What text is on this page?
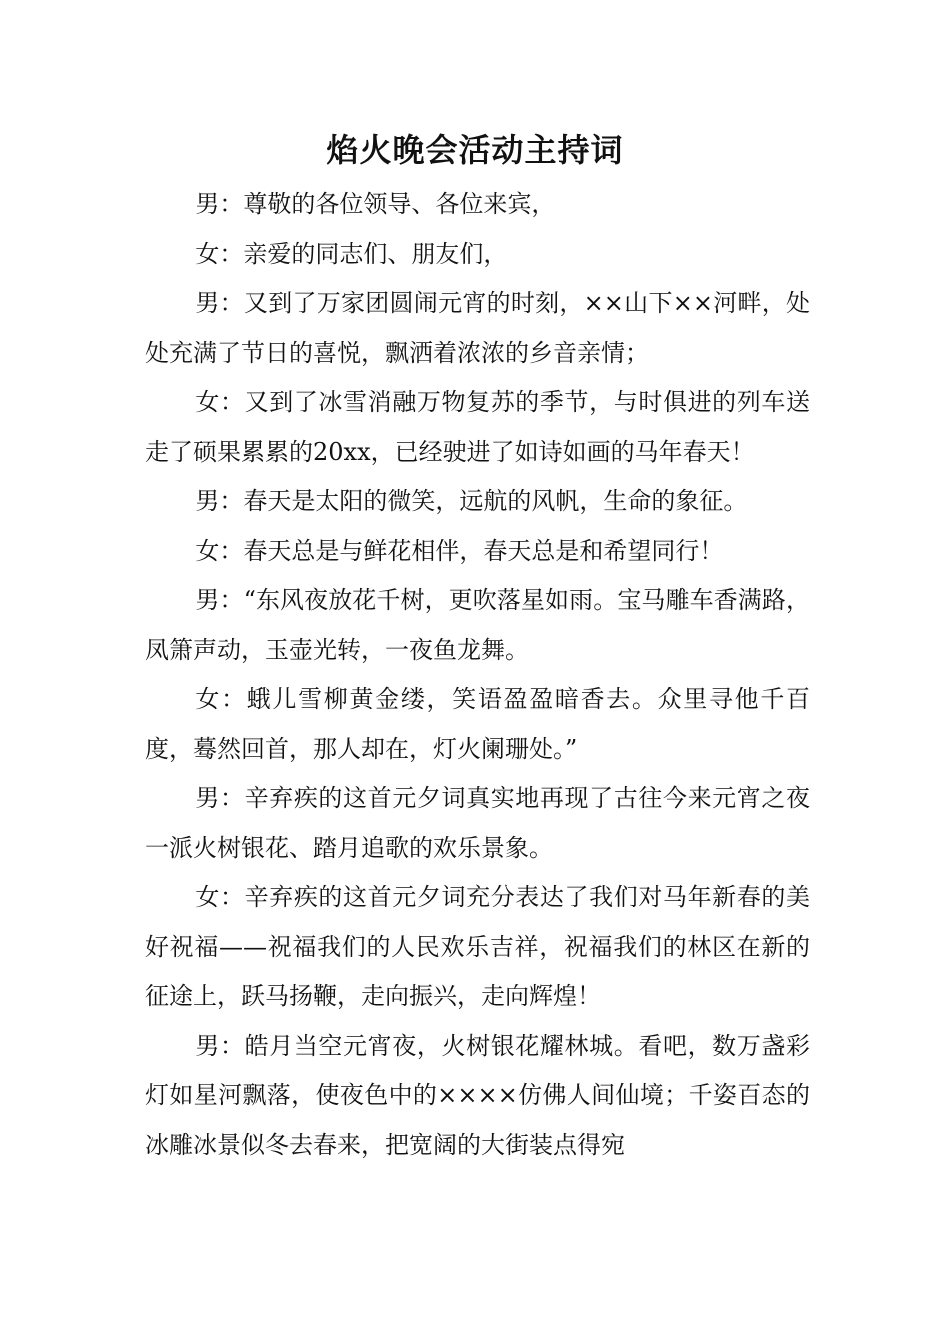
焰火晚会活动主持词

男：尊敬的各位领导、各位来宾，

女：亲爱的同志们、朋友们，

男：又到了万家团圆闹元宵的时刻，××山下××河畔，处处充满了节日的喜悦，飘洒着浓浓的乡音亲情；

女：又到了冰雪消融万物复苏的季节，与时俱进的列车送走了硕果累累的20xx，已经驶进了如诗如画的马年春天！

男：春天是太阳的微笑，远航的风帆，生命的象征。

女：春天总是与鲜花相伴，春天总是和希望同行！

男：“东风夜放花千树，更吹落星如雨。宝马雕车香满路，凤箫声动，玉壶光转，一夜鱼龙舞。

女：蛾儿雪柳黄金缕，笑语盈盈暗香去。众里寻他千百度，蓦然回首，那人却在，灯火阑珊处。”

男：辛弃疾的这首元夕词真实地再现了古往今来元宵之夜一派火树银花、踏月追歌的欢乐景象。

女：辛弃疾的这首元夕词充分表达了我们对马年新春的美好祝福——祝福我们的人民欢乐吉祥，祝福我们的林区在新的征途上，跃马扬鞭，走向振兴，走向辉煌！

男：皓月当空元宵夜，火树银花耀林城。看吧，数万盏彩灯如星河飘落，使夜色中的××××仿佛人间仙境；千姿百态的冰雕冰景似冬去春来，把宽阔的大街装点得宛
